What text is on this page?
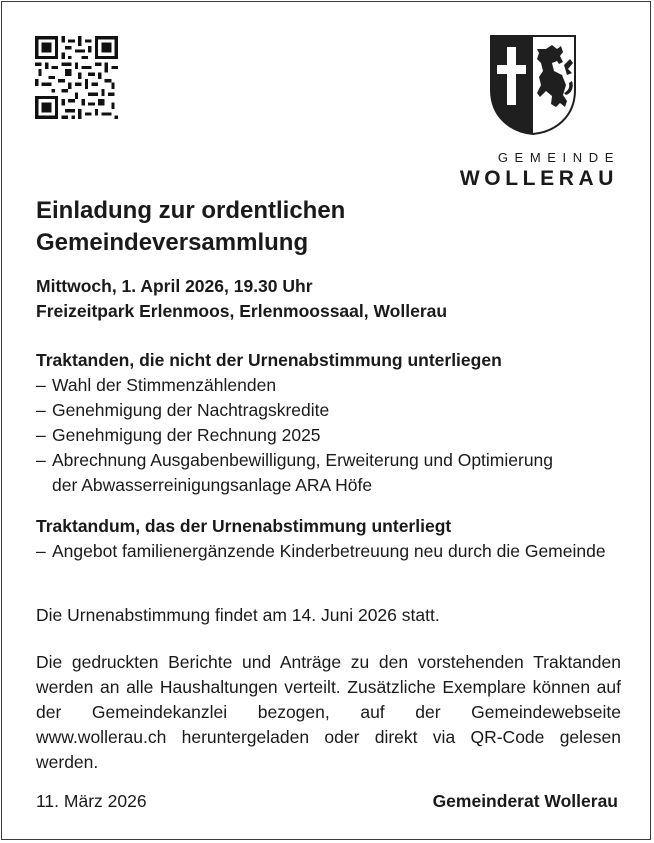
GEMEINDE
WOLLERAU
Einladung zur ordentlichen
Gemeindeversammlung
Mittwoch, 1. April 2026, 19.30 Uhr
Freizeitpark Erlenmoos, Erlenmoossaal, Wollerau
Traktanden, die nicht der Urnenabstimmung unterliegen
– Wahl der Stimmenzählenden
– Genehmigung der Nachtragskredite
– Genehmigung der Rechnung 2025
– Abrechnung Ausgabenbewilligung, Erweiterung und Optimierung der Abwasserreinigungsanlage ARA Höfe
Traktandum, das der Urnenabstimmung unterliegt
– Angebot familienergänzende Kinderbetreuung neu durch die Gemeinde
Die Urnenabstimmung findet am 14. Juni 2026 statt.
Die gedruckten Berichte und Anträge zu den vorstehenden Traktanden werden an alle Haushaltungen verteilt. Zusätzliche Exemplare können auf der Gemeindekanzlei bezogen, auf der Gemeindewebseite www.wollerau.ch heruntergeladen oder direkt via QR-Code gelesen werden.
11. März 2026	Gemeinderat Wollerau
